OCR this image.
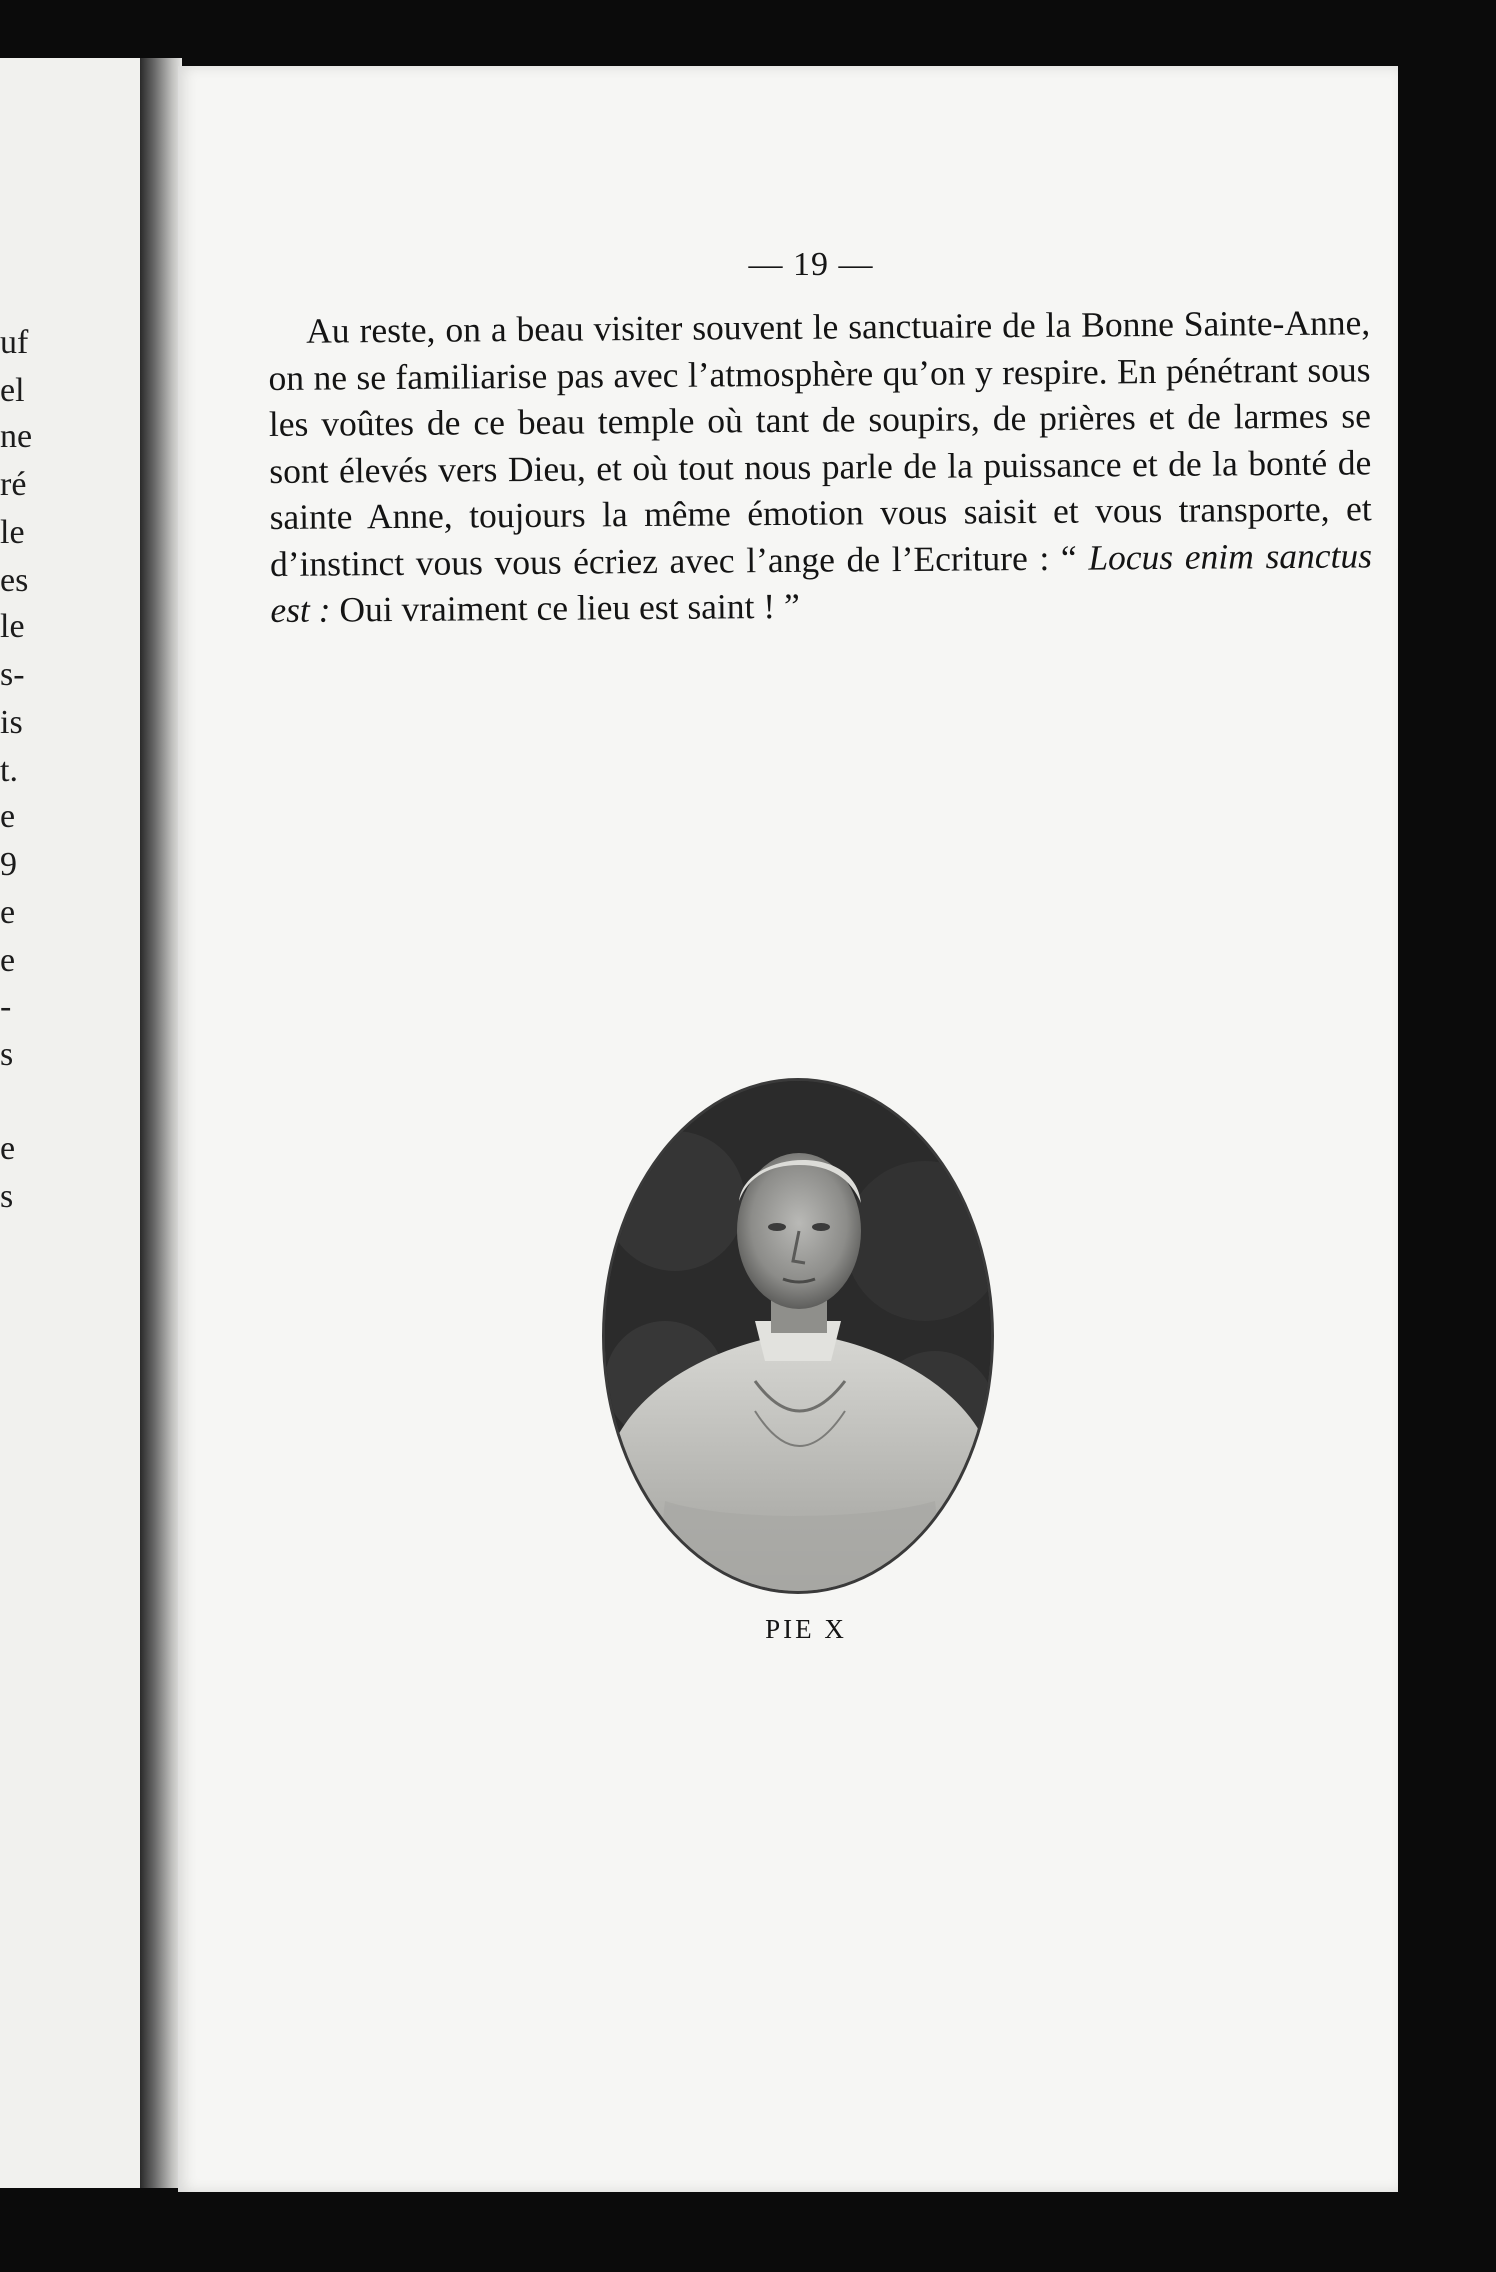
uf

el

ne

ré

le

es

le

s-

is

t.

e

9

e

e

-

s

e

s

— 19 —

Au reste, on a beau visiter souvent le sanctuaire de la Bonne Sainte-Anne, on ne se familiarise pas avec l’atmosphère qu’on y respire. En pénétrant sous les voûtes de ce beau temple où tant de soupirs, de prières et de larmes se sont élevés vers Dieu, et où tout nous parle de la puissance et de la bonté de sainte Anne, toujours la même émotion vous saisit et vous transporte, et d’instinct vous vous écriez avec l’ange de l’Ecriture : “ Locus enim sanctus est : Oui vraiment ce lieu est saint ! ”

PIE X
